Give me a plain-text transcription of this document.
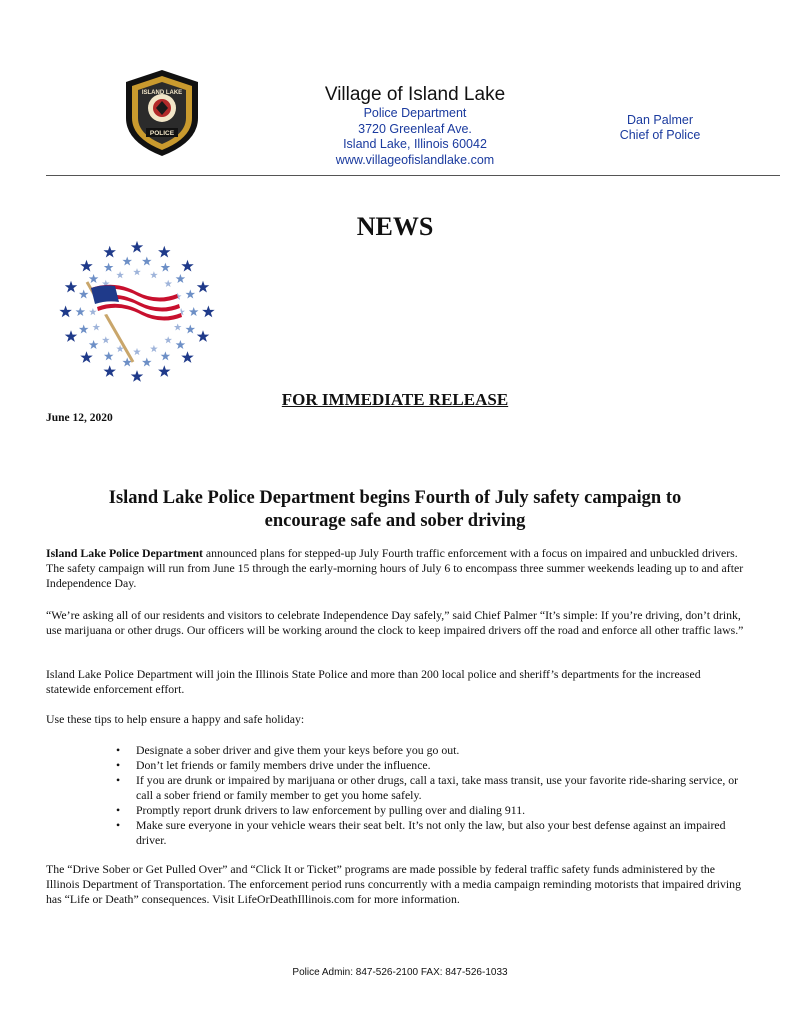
ISLAND LAKE
POLICE
Village of Island Lake
Police Department
3720 Greenleaf Ave.
Island Lake, Illinois 60042
www.villageofislandlake.com
Dan Palmer
Chief of Police
NEWS
FOR IMMEDIATE RELEASE
June 12, 2020
Island Lake Police Department begins Fourth of July safety campaign to
encourage safe and sober driving

Island Lake Police Department announced plans for stepped-up July Fourth traffic enforcement with a focus on impaired and unbuckled drivers. The safety campaign will run from June 15 through the early-morning hours of July 6 to encompass three summer weekends leading up to and after Independence Day.

“We’re asking all of our residents and visitors to celebrate Independence Day safely,” said Chief Palmer “It’s simple: If you’re driving, don’t drink, use marijuana or other drugs. Our officers will be working around the clock to keep impaired drivers off the road and enforce all other traffic laws.”

Island Lake Police Department will join the Illinois State Police and more than 200 local police and sheriff’s departments for the increased statewide enforcement effort.

Use these tips to help ensure a happy and safe holiday:

• Designate a sober driver and give them your keys before you go out.
• Don’t let friends or family members drive under the influence.
• If you are drunk or impaired by marijuana or other drugs, call a taxi, take mass transit, use your favorite ride-sharing service, or call a sober friend or family member to get you home safely.
• Promptly report drunk drivers to law enforcement by pulling over and dialing 911.
• Make sure everyone in your vehicle wears their seat belt. It’s not only the law, but also your best defense against an impaired driver.

The “Drive Sober or Get Pulled Over” and “Click It or Ticket” programs are made possible by federal traffic safety funds administered by the Illinois Department of Transportation. The enforcement period runs concurrently with a media campaign reminding motorists that impaired driving has “Life or Death” consequences. Visit LifeOrDeathIllinois.com for more information.

Police Admin: 847-526-2100 FAX: 847-526-1033
